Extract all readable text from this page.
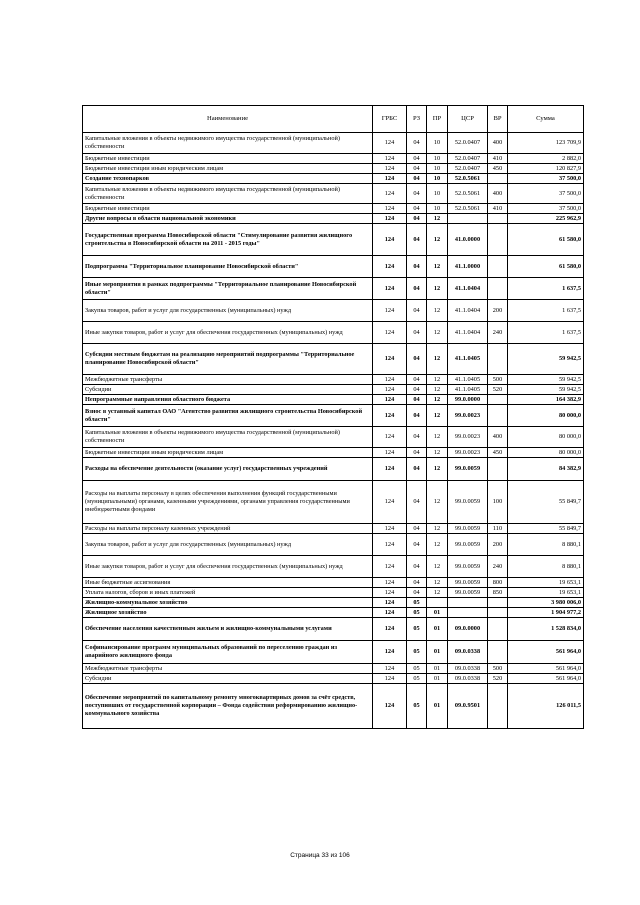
Наименование	ГРБС	РЗ	ПР	ЦСР	ВР	Сумма
Капитальные вложения в объекты недвижимого имущества государственной (муниципальной) собственности	124	04	10	52.0.0407	400	123 709,9
Бюджетные инвестиции	124	04	10	52.0.0407	410	2 882,0
Бюджетные инвестиции иным юридическим лицам	124	04	10	52.0.0407	450	120 827,9
Создание технопарков	124	04	10	52.0.5061		37 500,0
Капитальные вложения в объекты недвижимого имущества государственной (муниципальной) собственности	124	04	10	52.0.5061	400	37 500,0
Бюджетные инвестиции	124	04	10	52.0.5061	410	37 500,0
Другие вопросы в области национальной экономики	124	04	12			225 962,9
Государственная программа Новосибирской области "Стимулирование развития жилищного строительства в Новосибирской области на 2011 - 2015 годы"	124	04	12	41.0.0000		61 580,0
Подпрограмма "Территориальное планирование Новосибирской области"	124	04	12	41.1.0000		61 580,0
Иные мероприятия в рамках подпрограммы "Территориальное планирование Новосибирской области"	124	04	12	41.1.0404		1 637,5
Закупка товаров, работ и услуг для государственных (муниципальных) нужд	124	04	12	41.1.0404	200	1 637,5
Иные закупки товаров, работ и услуг для обеспечения государственных (муниципальных) нужд	124	04	12	41.1.0404	240	1 637,5
Субсидии местным бюджетам на реализацию мероприятий подпрограммы "Территориальное планирование Новосибирской области"	124	04	12	41.1.0405		59 942,5
Межбюджетные трансферты	124	04	12	41.1.0405	500	59 942,5
Субсидии	124	04	12	41.1.0405	520	59 942,5
Непрограммные направления областного бюджета	124	04	12	99.0.0000		164 382,9
Взнос в уставный капитал ОАО "Агентство развития жилищного строительства Новосибирской области"	124	04	12	99.0.0023		80 000,0
Капитальные вложения в объекты недвижимого имущества государственной (муниципальной) собственности	124	04	12	99.0.0023	400	80 000,0
Бюджетные инвестиции иным юридическим лицам	124	04	12	99.0.0023	450	80 000,0
Расходы на обеспечение деятельности (оказание услуг) государственных учреждений	124	04	12	99.0.0059		84 382,9
Расходы на выплаты персоналу в целях обеспечения выполнения функций государственными (муниципальными) органами, казенными учреждениями, органами управления государственными внебюджетными фондами	124	04	12	99.0.0059	100	55 849,7
Расходы на выплаты персоналу казенных учреждений	124	04	12	99.0.0059	110	55 849,7
Закупка товаров, работ и услуг для государственных (муниципальных) нужд	124	04	12	99.0.0059	200	8 880,1
Иные закупки товаров, работ и услуг для обеспечения государственных (муниципальных) нужд	124	04	12	99.0.0059	240	8 880,1
Иные бюджетные ассигнования	124	04	12	99.0.0059	800	19 653,1
Уплата налогов, сборов и иных платежей	124	04	12	99.0.0059	850	19 653,1
Жилищно-коммунальное хозяйство	124	05				3 980 006,0
Жилищное хозяйство	124	05	01			1 904 977,2
Обеспечение населения качественным жильем и жилищно-коммунальными услугами	124	05	01	09.0.0000		1 528 834,0
Софинансирование программ муниципальных образований по переселению граждан из аварийного жилищного фонда	124	05	01	09.0.0338		561 964,0
Межбюджетные трансферты	124	05	01	09.0.0338	500	561 964,0
Субсидии	124	05	01	09.0.0338	520	561 964,0
Обеспечение мероприятий по капитальному ремонту многоквартирных домов за счёт средств, поступивших от государственной корпорации – Фонда содействия реформированию жилищно-коммунального хозяйства	124	05	01	09.0.9501		126 011,5
Страница 33 из 106
